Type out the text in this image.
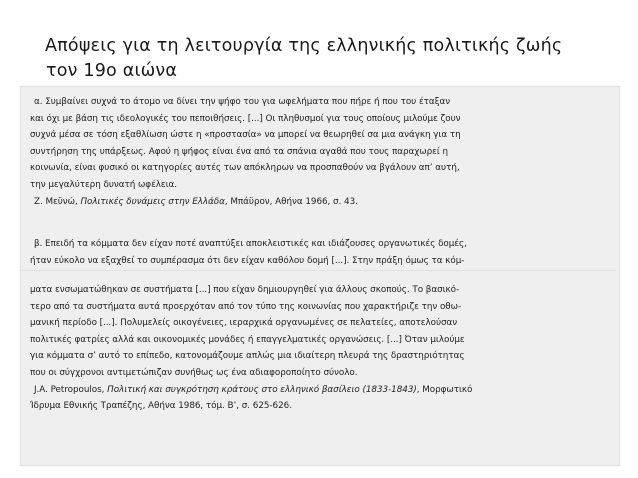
Απόψεις για τη λειτουργία της ελληνικής πολιτικής ζωής
τον 19ο αιώνα
α. Συμβαίνει συχνά το άτομο να δίνει την ψήφο του για ωφελήματα που πήρε ή που του έταξαν
και όχι με βάση τις ιδεολογικές του πεποιθήσεις. [...] Οι πληθυσμοί για τους οποίους μιλούμε ζουν
συχνά μέσα σε τόση εξαθλίωση ώστε η «προστασία» να μπορεί να θεωρηθεί σα μια ανάγκη για τη
συντήρηση της υπάρξεως. Αφού η ψήφος είναι ένα από τα σπάνια αγαθά που τους παραχωρεί η
κοινωνία, είναι φυσικό οι κατηγορίες αυτές των απόκληρων να προσπαθούν να βγάλουν απ’ αυτή,
την μεγαλύτερη δυνατή ωφέλεια.
Ζ. Μεϋνώ, Πολιτικές δυνάμεις στην Ελλάδα, Μπάϋρον, Αθήνα 1966, σ. 43.
β. Επειδή τα κόμματα δεν είχαν ποτέ αναπτύξει αποκλειστικές και ιδιάζουσες οργανωτικές δομές,
ήταν εύκολο να εξαχθεί το συμπέρασμα ότι δεν είχαν καθόλου δομή [...]. Στην πράξη όμως τα κόμ-
ματα ενσωματώθηκαν σε συστήματα [...] που είχαν δημιουργηθεί για άλλους σκοπούς. Το βασικό-
τερο από τα συστήματα αυτά προερχόταν από τον τύπο της κοινωνίας που χαρακτήριζε την οθω-
μανική περίοδο [...]. Πολυμελείς οικογένειες, ιεραρχικά οργανωμένες σε πελατείες, αποτελούσαν
πολιτικές φατρίες αλλά και οικονομικές μονάδες ή επαγγελματικές οργανώσεις. [...] Όταν μιλούμε
για κόμματα σ’ αυτό το επίπεδο, κατονομάζουμε απλώς μια ιδιαίτερη πλευρά της δραστηριότητας
που οι σύγχρονοι αντιμετώπιζαν συνήθως ως ένα αδιαφοροποίητο σύνολο.
J.A. Petropoulos, Πολιτική και συγκρότηση κράτους στο ελληνικό βασίλειο (1833-1843), Μορφωτικό
Ίδρυμα Εθνικής Τραπέζης, Αθήνα 1986, τόμ. Β’, σ. 625-626.
